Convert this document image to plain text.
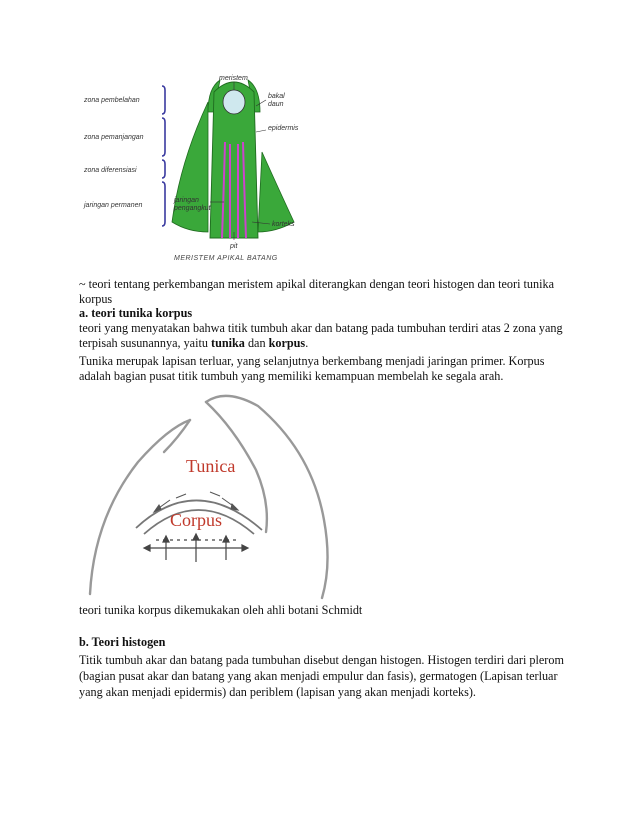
zona pembelahan
zona pemanjangan
zona diferensiasi
jaringan permanen
meristem
bakal
daun
epidermis
jaringan
pengangkut
korteks
pit
MERISTEM APIKAL BATANG

~ teori tentang perkembangan meristem apikal diterangkan dengan teori histogen dan teori tunika korpus

a. teori tunika korpus

teori yang menyatakan bahwa titik tumbuh akar dan batang pada tumbuhan terdiri atas 2 zona yang terpisah susunannya, yaitu tunika dan korpus.

Tunika merupak lapisan terluar, yang selanjutnya berkembang menjadi jaringan primer. Korpus adalah bagian pusat titik tumbuh yang memiliki kemampuan membelah ke segala arah.

Tunica
Corpus

teori tunika korpus dikemukakan oleh ahli botani Schmidt

b. Teori histogen

Titik tumbuh akar dan batang pada tumbuhan disebut dengan histogen. Histogen terdiri dari plerom (bagian pusat akar dan batang yang akan menjadi empulur dan fasis), germatogen (Lapisan terluar yang akan menjadi epidermis) dan periblem (lapisan yang akan menjadi korteks).
